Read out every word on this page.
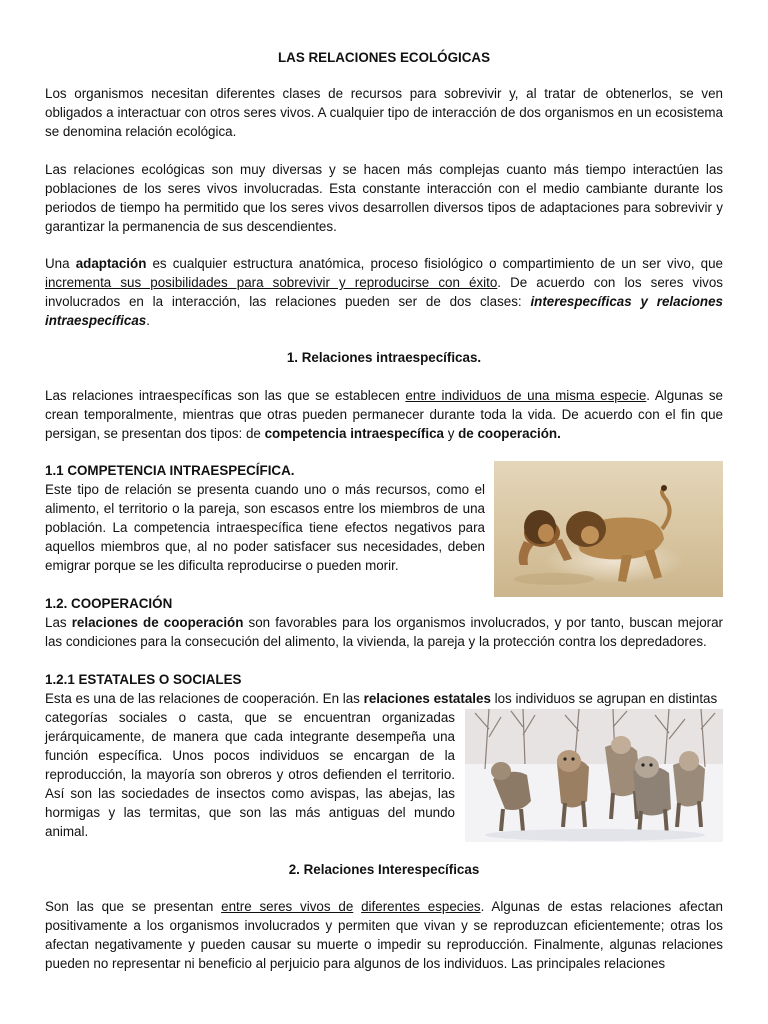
LAS RELACIONES ECOLÓGICAS

Los organismos necesitan diferentes clases de recursos para sobrevivir y, al tratar de obtenerlos, se ven obligados a interactuar con otros seres vivos. A cualquier tipo de interacción de dos organismos en un ecosistema se denomina relación ecológica.

Las relaciones ecológicas son muy diversas y se hacen más complejas cuanto más tiempo interactúen las poblaciones de los seres vivos involucradas. Esta constante interacción con el medio cambiante durante los periodos de tiempo ha permitido que los seres vivos desarrollen diversos tipos de adaptaciones para sobrevivir y garantizar la permanencia de sus descendientes.

Una adaptación es cualquier estructura anatómica, proceso fisiológico o compartimiento de un ser vivo, que incrementa sus posibilidades para sobrevivir y reproducirse con éxito. De acuerdo con los seres vivos involucrados en la interacción, las relaciones pueden ser de dos clases: interespecíficas y relaciones intraespecíficas.

1. Relaciones intraespecíficas.

Las relaciones intraespecíficas son las que se establecen entre individuos de una misma especie. Algunas se crean temporalmente, mientras que otras pueden permanecer durante toda la vida. De acuerdo con el fin que persigan, se presentan dos tipos: de competencia intraespecífica y de cooperación.

1.1 COMPETENCIA INTRAESPECÍFICA.

Este tipo de relación se presenta cuando uno o más recursos, como el alimento, el territorio o la pareja, son escasos entre los miembros de una población. La competencia intraespecífica tiene efectos negativos para aquellos miembros que, al no poder satisfacer sus necesidades, deben emigrar porque se les dificulta reproducirse o pueden morir.

1.2. COOPERACIÓN

Las relaciones de cooperación son favorables para los organismos involucrados, y por tanto, buscan mejorar las condiciones para la consecución del alimento, la vivienda, la pareja y la protección contra los depredadores.

1.2.1 ESTATALES O SOCIALES

Esta es una de las relaciones de cooperación. En las relaciones estatales los individuos se agrupan en distintas

categorías sociales o casta, que se encuentran organizadas jerárquicamente, de manera que cada integrante desempeña una función específica. Unos pocos individuos se encargan de la reproducción, la mayoría son obreros y otros defienden el territorio. Así son las sociedades de insectos como avispas, las abejas, las hormigas y las termitas, que son las más antiguas del mundo animal.

2. Relaciones Interespecíficas

Son las que se presentan entre seres vivos de diferentes especies. Algunas de estas relaciones afectan positivamente a los organismos involucrados y permiten que vivan y se reproduzcan eficientemente; otras los afectan negativamente y pueden causar su muerte o impedir su reproducción. Finalmente, algunas relaciones pueden no representar ni beneficio al perjuicio para algunos de los individuos. Las principales relaciones
